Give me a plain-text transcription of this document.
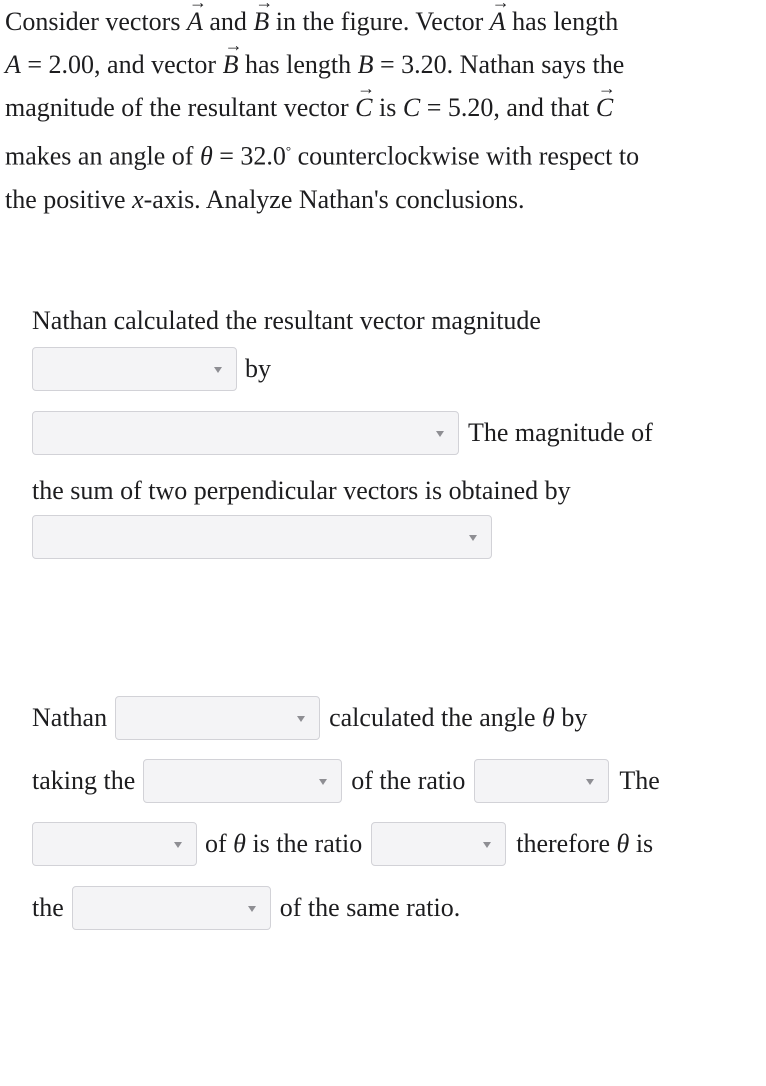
Consider vectors
→
A and
→
B in the figure. Vector
→
A has length

A = 2.00, and vector
→
B has length B = 3.20. Nathan says the

magnitude of the resultant vector
→
C is C = 5.20, and that
→
C

makes an angle of θ = 32.0° counterclockwise with respect to

the positive x-axis. Analyze Nathan's conclusions.

Nathan calculated the resultant vector magnitude
by
The magnitude of
the sum of two perpendicular vectors is obtained by
Nathan	calculated the angle θ by
taking the	of the ratio	The
of θ is the ratio	therefore θ is
the	of the same ratio.
